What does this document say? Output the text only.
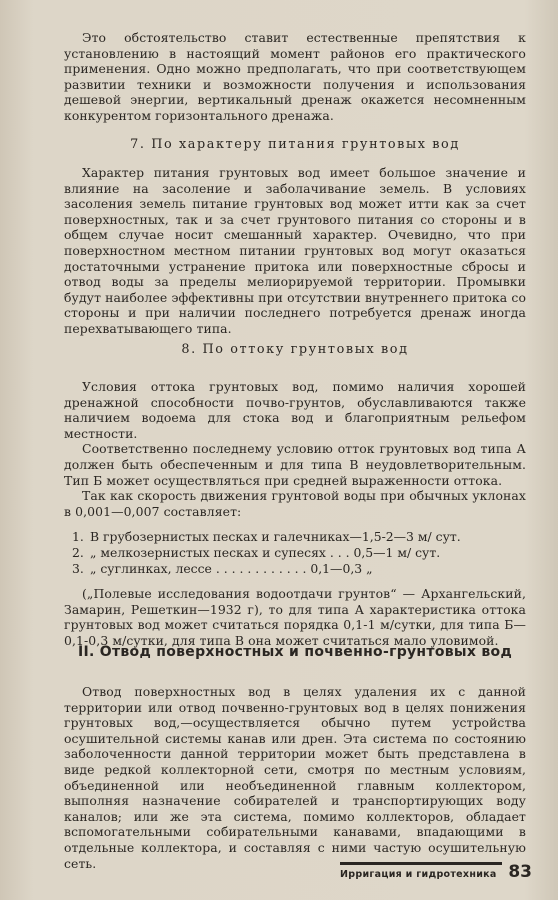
Это обстоятельство ставит естественные препятствия к установлению в настоящий момент районов его практического применения. Одно можно предполагать, что при соответствующем развитии техники и возможности получения и использования дешевой энергии, вертикальный дренаж окажется несомненным конкурентом горизонтального дренажа.

7. По характеру питания грунтовых вод

Характер питания грунтовых вод имеет большое значение и влияние на засоление и заболачивание земель. В условиях засоления земель питание грунтовых вод может итти как за счет поверхностных, так и за счет грунтового питания со стороны и в общем случае носит смешанный характер. Очевидно, что при поверхностном местном питании грунтовых вод могут оказаться достаточными устранение притока или поверхностные сбросы и отвод воды за пределы мелиорируемой территории. Промывки будут наиболее эффективны при отсутствии внутреннего притока со стороны и при наличии последнего потребуется дренаж иногда перехватывающего типа.

8. По оттоку грунтовых вод

Условия оттока грунтовых вод, помимо наличия хорошей дренажной способности почво-грунтов, обуславливаются также наличием водоема для стока вод и благоприятным рельефом местности.

Соответственно последнему условию отток грунтовых вод типа А должен быть обеспеченным и для типа В неудовлетворительным. Тип Б может осуществляться при средней выраженности оттока.

Так как скорость движения грунтовой воды при обычных уклонах в 0,001—0,007 составляет:

1. В грубозернистых песках и галечниках—1,5-2—3 м/ сут.
2. „ мелкозернистых песках и супесях . . . 0,5—1 м/ сут.
3. „ суглинках, лессе . . . . . . . . . . . . 0,1—0,3 „

(„Полевые исследования водоотдачи грунтов“ — Архангельский, Замарин, Решеткин—1932 г), то для типа А характеристика оттока грунтовых вод может считаться порядка 0,1-1 м/сутки, для типа Б—0,1-0,3 м/сутки, для типа В она может считаться мало уловимой.

II. Отвод поверхностных и почвенно-грунтовых вод

Отвод поверхностных вод в целях удаления их с данной территории или отвод почвенно-грунтовых вод в целях понижения грунтовых вод,—осуществляется обычно путем устройства осушительной системы канав или дрен. Эта система по состоянию заболоченности данной территории может быть представлена в виде редкой коллекторной сети, смотря по местным условиям, объединенной или необъединенной главным коллектором, выполняя назначение собирателей и транспортирующих воду каналов; или же эта система, помимо коллекторов, обладает вспомогательными собирательными канавами, впадающими в отдельные коллектора, и составляя с ними частую осушительную сеть.

Ирригация и гидротехника 83
